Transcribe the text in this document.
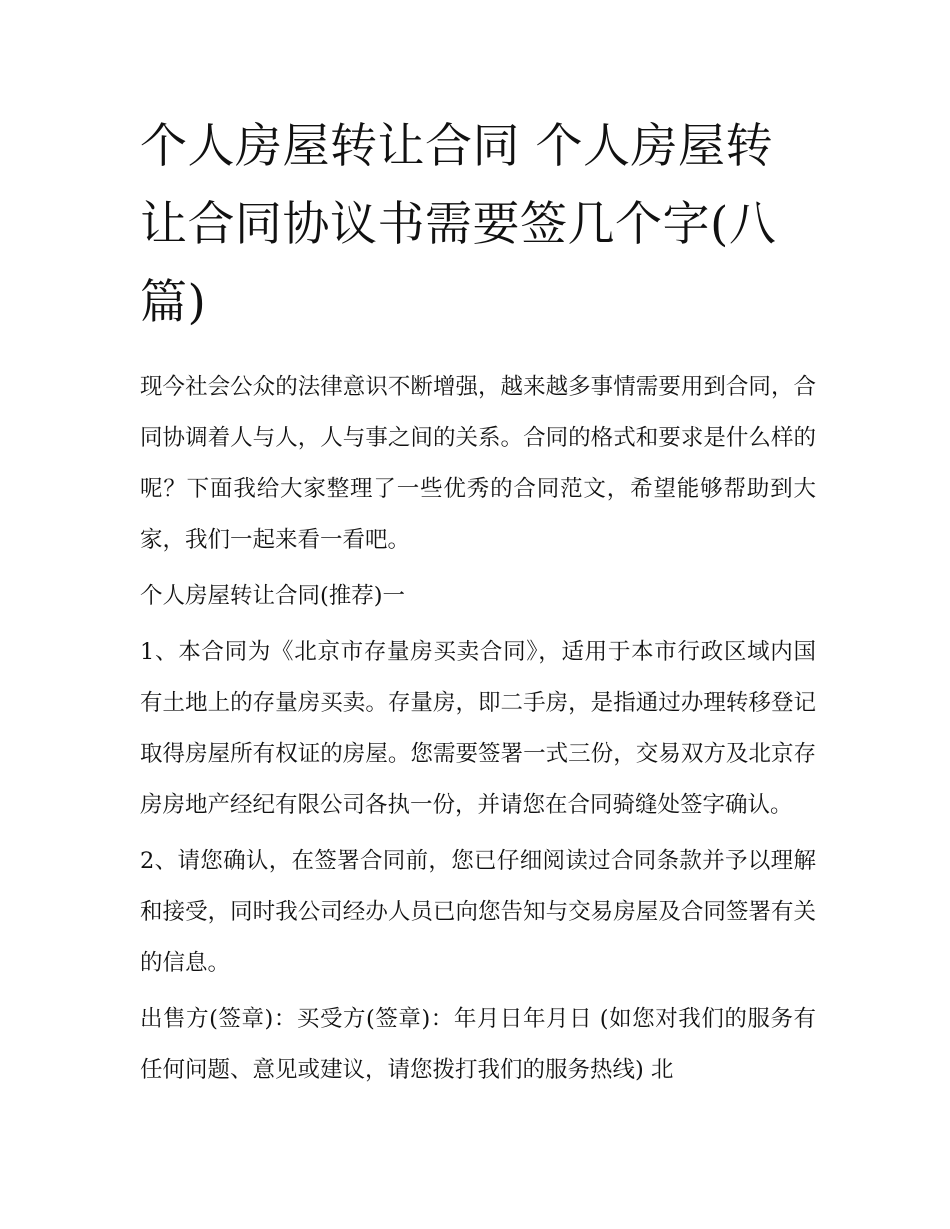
个人房屋转让合同 个人房屋转让合同协议书需要签几个字(八篇)

现今社会公众的法律意识不断增强，越来越多事情需要用到合同，合同协调着人与人，人与事之间的关系。合同的格式和要求是什么样的呢？下面我给大家整理了一些优秀的合同范文，希望能够帮助到大家，我们一起来看一看吧。

个人房屋转让合同(推荐)一

1、本合同为《北京市存量房买卖合同》，适用于本市行政区域内国有土地上的存量房买卖。存量房，即二手房，是指通过办理转移登记取得房屋所有权证的房屋。您需要签署一式三份，交易双方及北京存房房地产经纪有限公司各执一份，并请您在合同骑缝处签字确认。

2、请您确认，在签署合同前，您已仔细阅读过合同条款并予以理解和接受，同时我公司经办人员已向您告知与交易房屋及合同签署有关的信息。

出售方(签章)：买受方(签章)：年月日年月日 (如您对我们的服务有任何问题、意见或建议，请您拨打我们的服务热线) 北
